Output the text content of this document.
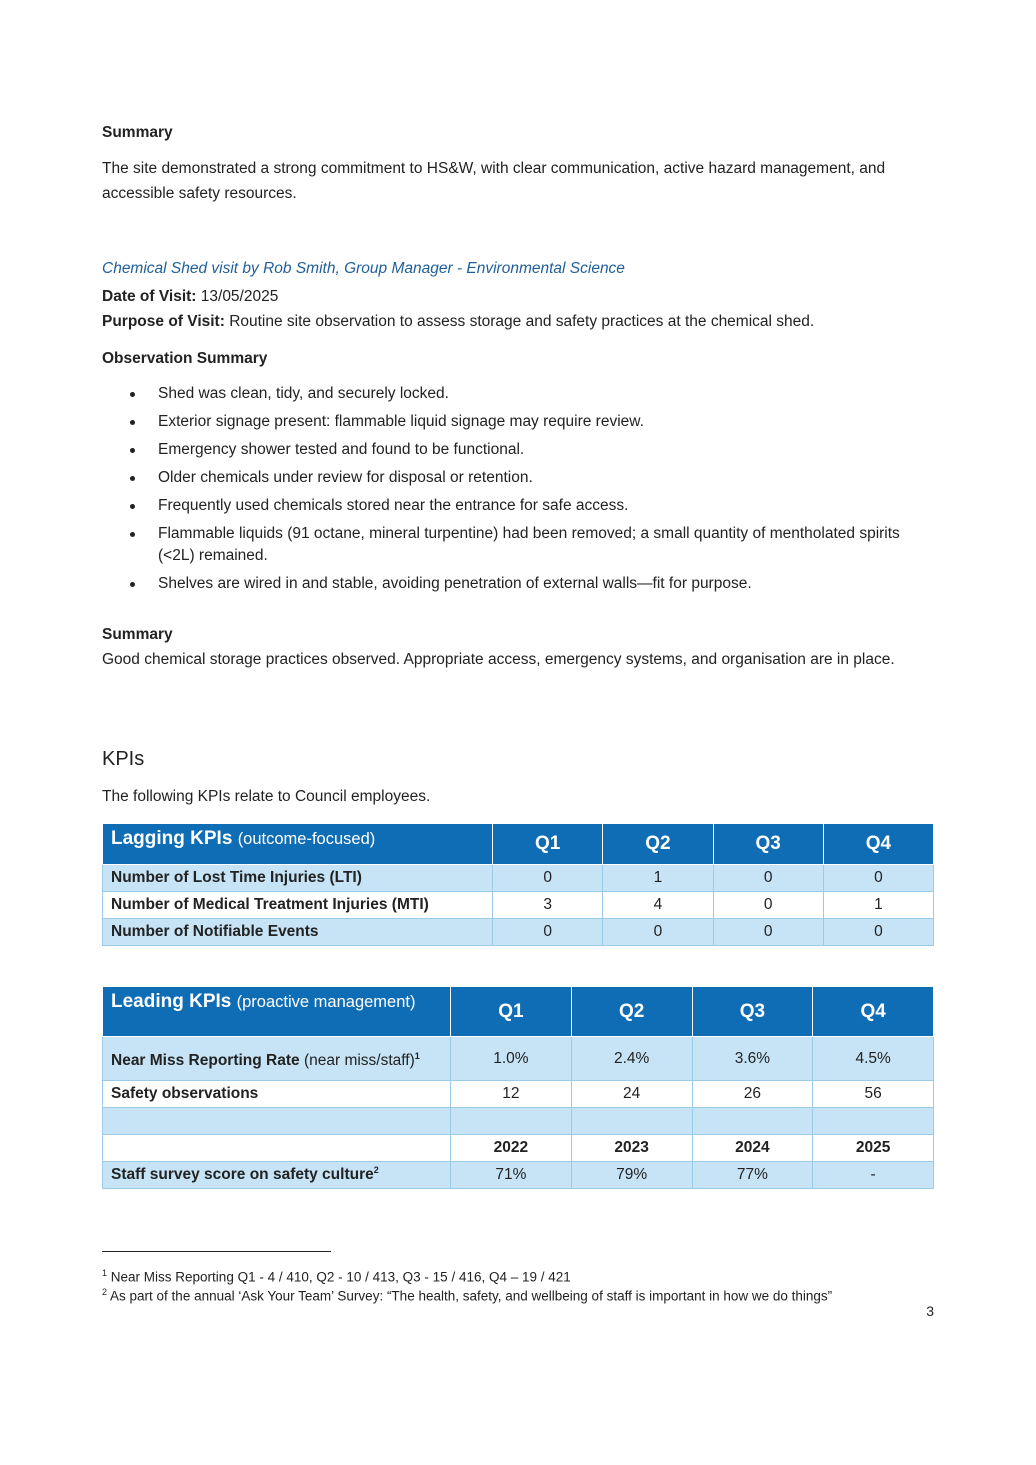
Summary
The site demonstrated a strong commitment to HS&W, with clear communication, active hazard management, and accessible safety resources.
Chemical Shed visit by Rob Smith, Group Manager - Environmental Science
Date of Visit: 13/05/2025
Purpose of Visit: Routine site observation to assess storage and safety practices at the chemical shed.
Observation Summary
Shed was clean, tidy, and securely locked.
Exterior signage present: flammable liquid signage may require review.
Emergency shower tested and found to be functional.
Older chemicals under review for disposal or retention.
Frequently used chemicals stored near the entrance for safe access.
Flammable liquids (91 octane, mineral turpentine) had been removed; a small quantity of mentholated spirits (<2L) remained.
Shelves are wired in and stable, avoiding penetration of external walls—fit for purpose.
Summary
Good chemical storage practices observed. Appropriate access, emergency systems, and organisation are in place.
KPIs
The following KPIs relate to Council employees.
Lagging KPIs (outcome-focused)	Q1	Q2	Q3	Q4
Number of Lost Time Injuries (LTI)	0	1	0	0
Number of Medical Treatment Injuries (MTI)	3	4	0	1
Number of Notifiable Events	0	0	0	0
Leading KPIs (proactive management)	Q1	Q2	Q3	Q4
Near Miss Reporting Rate (near miss/staff)$^1$	1.0%	2.4%	3.6%	4.5%
Safety observations	12	24	26	56

	2022	2023	2024	2025
Staff survey score on safety culture$^2$	71%	79%	77%	-
$^1$ Near Miss Reporting Q1 - 4 / 410, Q2 - 10 / 413, Q3 - 15 / 416, Q4 – 19 / 421
$^2$ As part of the annual ‘Ask Your Team’ Survey: “The health, safety, and wellbeing of staff is important in how we do things”
3
